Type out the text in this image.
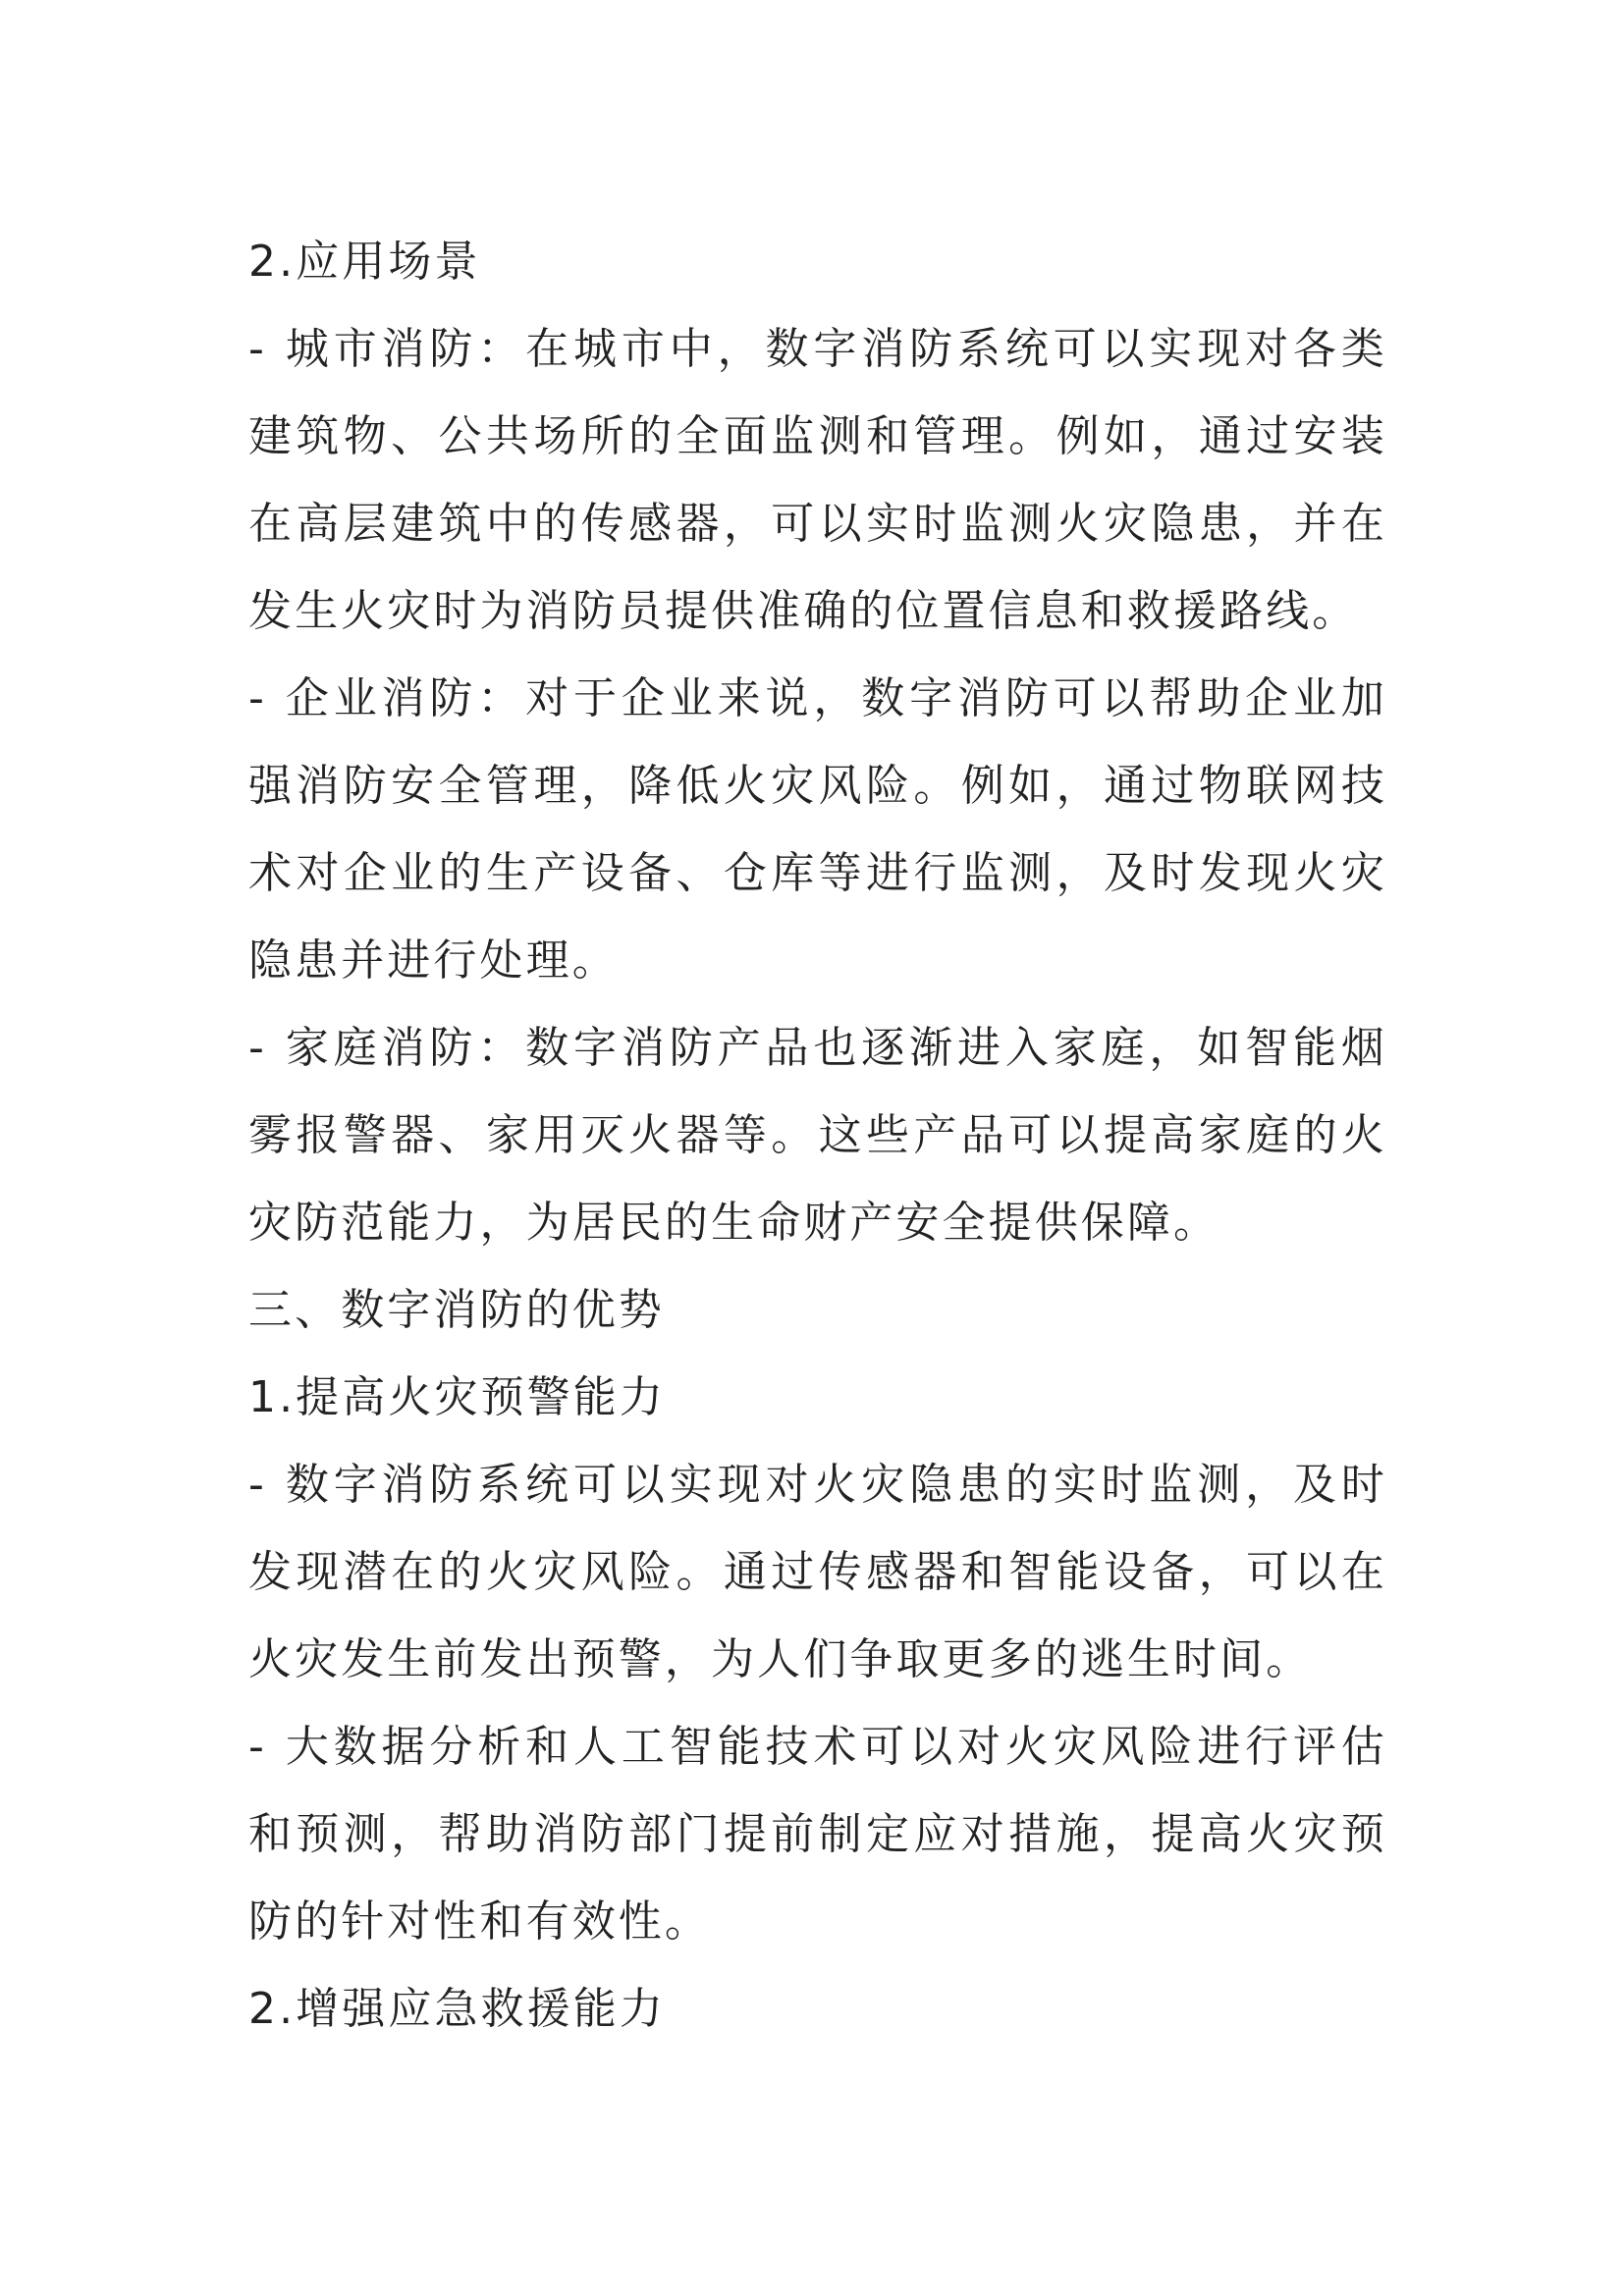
2.应用场景

- 城市消防：在城市中，数字消防系统可以实现对各类建筑物、公共场所的全面监测和管理。例如，通过安装在高层建筑中的传感器，可以实时监测火灾隐患，并在发生火灾时为消防员提供准确的位置信息和救援路线。

- 企业消防：对于企业来说，数字消防可以帮助企业加强消防安全管理，降低火灾风险。例如，通过物联网技术对企业的生产设备、仓库等进行监测，及时发现火灾隐患并进行处理。

- 家庭消防：数字消防产品也逐渐进入家庭，如智能烟雾报警器、家用灭火器等。这些产品可以提高家庭的火灾防范能力，为居民的生命财产安全提供保障。

三、数字消防的优势

1.提高火灾预警能力

- 数字消防系统可以实现对火灾隐患的实时监测，及时发现潜在的火灾风险。通过传感器和智能设备，可以在火灾发生前发出预警，为人们争取更多的逃生时间。

- 大数据分析和人工智能技术可以对火灾风险进行评估和预测，帮助消防部门提前制定应对措施，提高火灾预防的针对性和有效性。

2.增强应急救援能力
